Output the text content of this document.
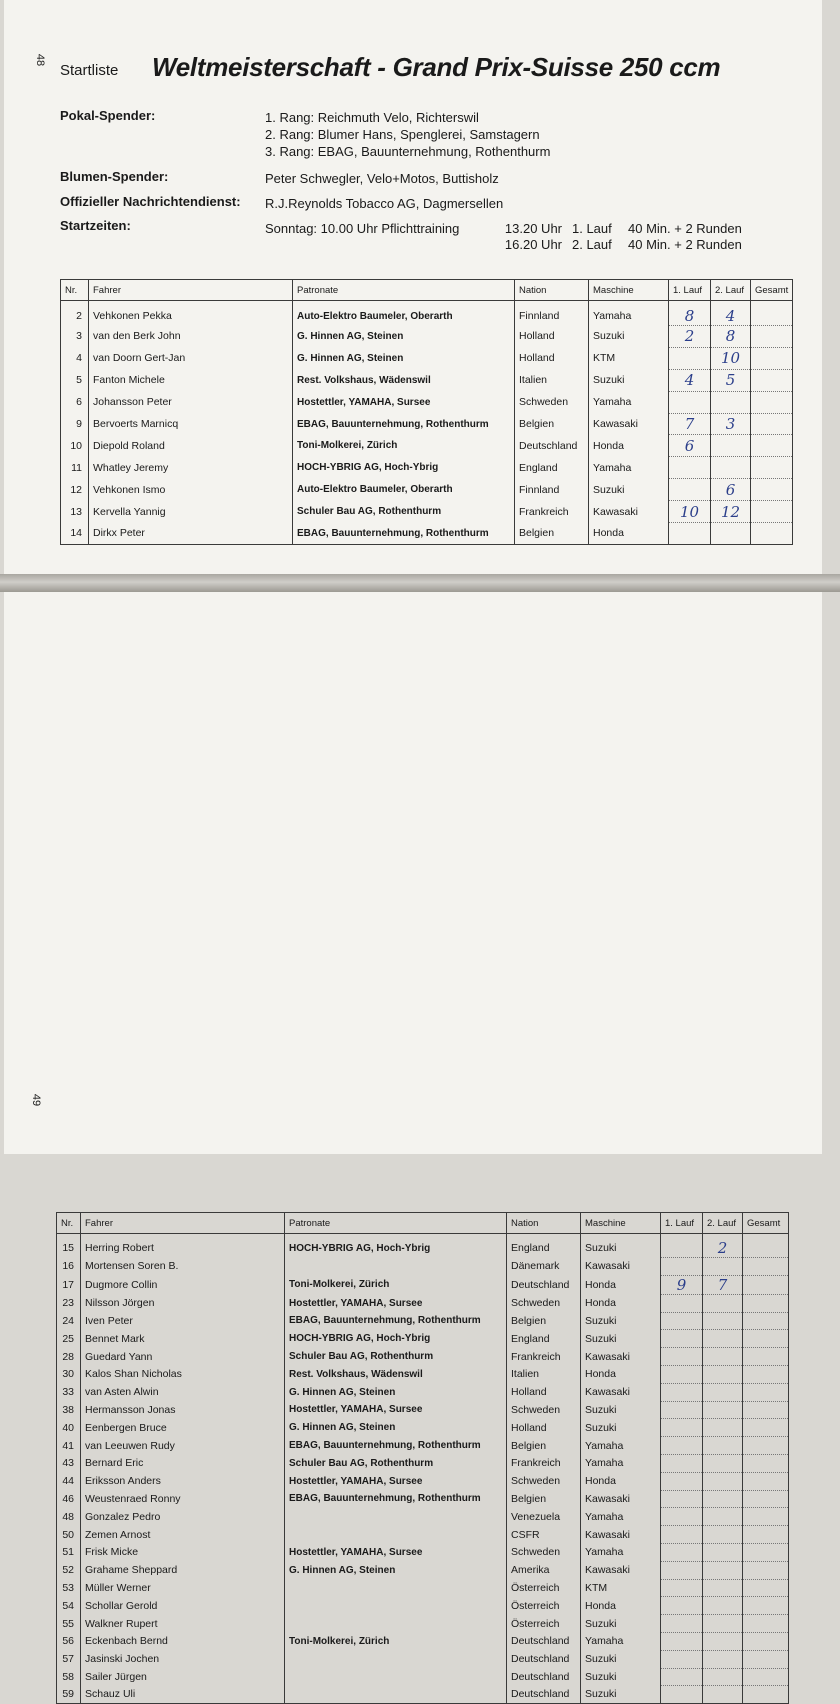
48
Startliste Weltmeisterschaft - Grand Prix-Suisse 250 ccm
Pokal-Spender:	1. Rang: Reichmuth Velo, Richterswil
2. Rang: Blumer Hans, Spenglerei, Samstagern
3. Rang: EBAG, Bauunternehmung, Rothenthurm
Blumen-Spender:	Peter Schwegler, Velo+Motos, Buttisholz
Offizieller Nachrichtendienst: R.J.Reynolds Tobacco AG, Dagmersellen
Startzeiten:	Sonntag: 10.00 Uhr Pflichttraining	13.20 Uhr 1. Lauf	40 Min. + 2 Runden
16.20 Uhr 2. Lauf	40 Min. + 2 Runden
Nr.	Fahrer	Patronate	Nation	Maschine	1. Lauf	2. Lauf	Gesamt
2	Vehkonen Pekka	Auto-Elektro Baumeler, Oberarth	Finnland	Yamaha	8	4	
3	van den Berk John	G. Hinnen AG, Steinen	Holland	Suzuki	2	8	
4	van Doorn Gert-Jan	G. Hinnen AG, Steinen	Holland	KTM		10	
5	Fanton Michele	Rest. Volkshaus, Wädenswil	Italien	Suzuki	4	5	
6	Johansson Peter	Hostettler, YAMAHA, Sursee	Schweden	Yamaha			
9	Bervoerts Marnicq	EBAG, Bauunternehmung, Rothenthurm	Belgien	Kawasaki	7	3	
10	Diepold Roland	Toni-Molkerei, Zürich	Deutschland	Honda	6		
11	Whatley Jeremy	HOCH-YBRIG AG, Hoch-Ybrig	England	Yamaha			
12	Vehkonen Ismo	Auto-Elektro Baumeler, Oberarth	Finnland	Suzuki		6	
13	Kervella Yannig	Schuler Bau AG, Rothenthurm	Frankreich	Kawasaki	10	12	
14	Dirkx Peter	EBAG, Bauunternehmung, Rothenthurm	Belgien	Honda			
49
Nr.	Fahrer	Patronate	Nation	Maschine	1. Lauf	2. Lauf	Gesamt
15	Herring Robert	HOCH-YBRIG AG, Hoch-Ybrig	England	Suzuki		2	
16	Mortensen Soren B.		Dänemark	Kawasaki			
17	Dugmore Collin	Toni-Molkerei, Zürich	Deutschland	Honda	9	7	
23	Nilsson Jörgen	Hostettler, YAMAHA, Sursee	Schweden	Honda			
24	Iven Peter	EBAG, Bauunternehmung, Rothenthurm	Belgien	Suzuki			
25	Bennet Mark	HOCH-YBRIG AG, Hoch-Ybrig	England	Suzuki			
28	Guedard Yann	Schuler Bau AG, Rothenthurm	Frankreich	Kawasaki			
30	Kalos Shan Nicholas	Rest. Volkshaus, Wädenswil	Italien	Honda			
33	van Asten Alwin	G. Hinnen AG, Steinen	Holland	Kawasaki			
38	Hermansson Jonas	Hostettler, YAMAHA, Sursee	Schweden	Suzuki			
40	Eenbergen Bruce	G. Hinnen AG, Steinen	Holland	Suzuki			
41	van Leeuwen Rudy	EBAG, Bauunternehmung, Rothenthurm	Belgien	Yamaha			
43	Bernard Eric	Schuler Bau AG, Rothenthurm	Frankreich	Yamaha			
44	Eriksson Anders	Hostettler, YAMAHA, Sursee	Schweden	Honda			
46	Weustenraed Ronny	EBAG, Bauunternehmung, Rothenthurm	Belgien	Kawasaki			
48	Gonzalez Pedro		Venezuela	Yamaha			
50	Zemen Arnost		CSFR	Kawasaki			
51	Frisk Micke	Hostettler, YAMAHA, Sursee	Schweden	Yamaha			
52	Grahame Sheppard	G. Hinnen AG, Steinen	Amerika	Kawasaki			
53	Müller Werner		Österreich	KTM			
54	Schollar Gerold		Österreich	Honda			
55	Walkner Rupert		Österreich	Suzuki			
56	Eckenbach Bernd	Toni-Molkerei, Zürich	Deutschland	Yamaha			
57	Jasinski Jochen		Deutschland	Suzuki			
58	Sailer Jürgen		Deutschland	Suzuki			
59	Schauz Uli		Deutschland	Suzuki			
